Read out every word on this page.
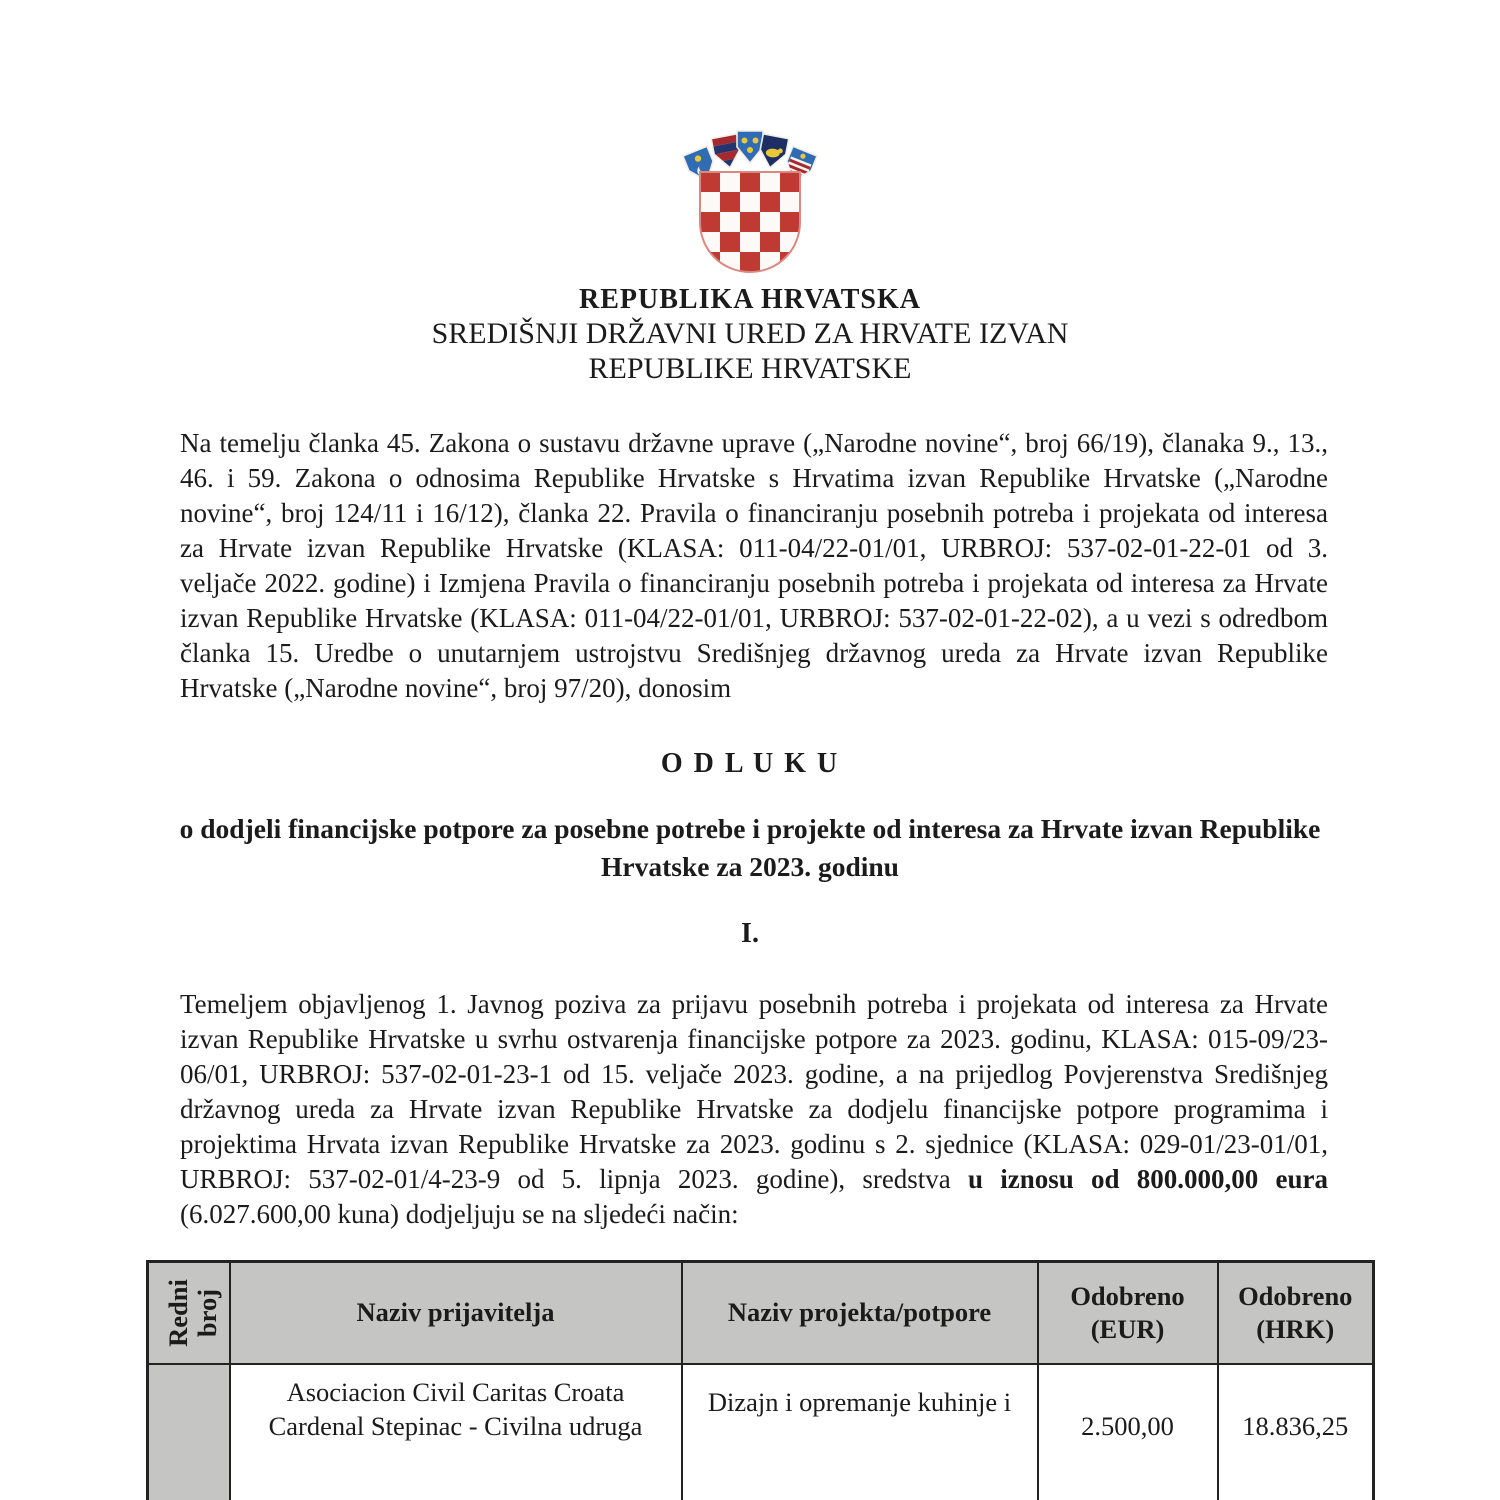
REPUBLIKA HRVATSKA
SREDIŠNJI DRŽAVNI URED ZA HRVATE IZVAN
REPUBLIKE HRVATSKE

Na temelju članka 45. Zakona o sustavu državne uprave („Narodne novine“, broj 66/19), članaka 9., 13., 46. i 59. Zakona o odnosima Republike Hrvatske s Hrvatima izvan Republike Hrvatske („Narodne novine“, broj 124/11 i 16/12), članka 22. Pravila o financiranju posebnih potreba i projekata od interesa za Hrvate izvan Republike Hrvatske (KLASA: 011-04/22-01/01, URBROJ: 537-02-01-22-01 od 3. veljače 2022. godine) i Izmjena Pravila o financiranju posebnih potreba i projekata od interesa za Hrvate izvan Republike Hrvatske (KLASA: 011-04/22-01/01, URBROJ: 537-02-01-22-02), a u vezi s odredbom članka 15. Uredbe o unutarnjem ustrojstvu Središnjeg državnog ureda za Hrvate izvan Republike Hrvatske („Narodne novine“, broj 97/20), donosim

O D L U K U
o dodjeli financijske potpore za posebne potrebe i projekte od interesa za Hrvate izvan Republike Hrvatske za 2023. godinu
I.

Temeljem objavljenog 1. Javnog poziva za prijavu posebnih potreba i projekata od interesa za Hrvate izvan Republike Hrvatske u svrhu ostvarenja financijske potpore za 2023. godinu, KLASA: 015-09/23-06/01, URBROJ: 537-02-01-23-1 od 15. veljače 2023. godine, a na prijedlog Povjerenstva Središnjeg državnog ureda za Hrvate izvan Republike Hrvatske za dodjelu financijske potpore programima i projektima Hrvata izvan Republike Hrvatske za 2023. godinu s 2. sjednice (KLASA: 029-01/23-01/01, URBROJ: 537-02-01/4-23-9 od 5. lipnja 2023. godine), sredstva u iznosu od 800.000,00 eura (6.027.600,00 kuna) dodjeljuju se na sljedeći način:

Redni broj	Naziv prijavitelja	Naziv projekta/potpore	Odobreno (EUR)	Odobreno (HRK)
	Asociacion Civil Caritas Croata Cardenal Stepinac - Civilna udruga	Dizajn i opremanje kuhinje i	2.500,00	18.836,25
